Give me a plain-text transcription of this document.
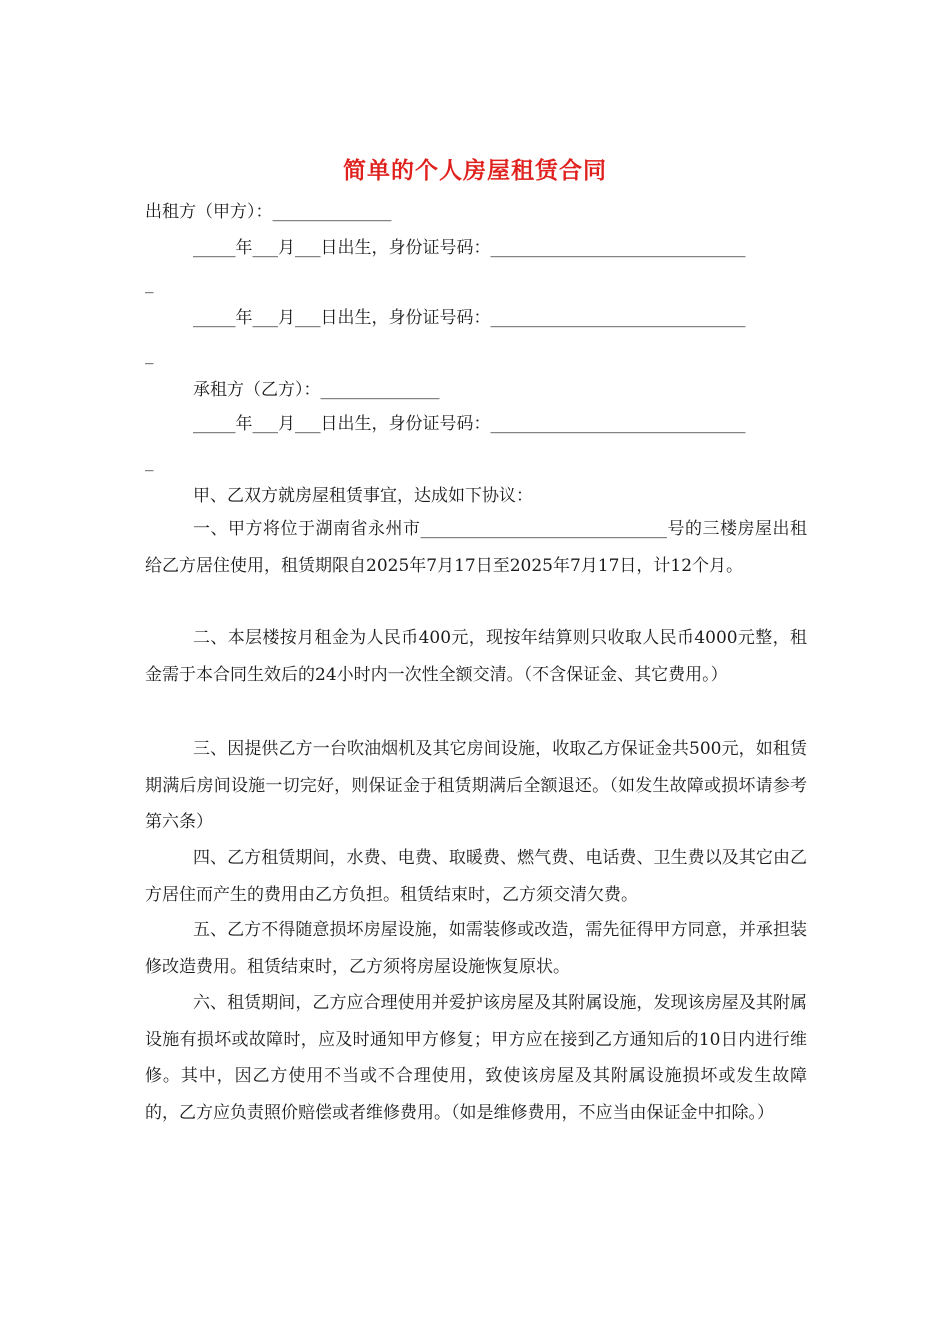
简单的个人房屋租赁合同
出租方（甲方）：______________
_____年___月___日出生，身份证号码：______________________________
_
_____年___月___日出生，身份证号码：______________________________
_
承租方（乙方）：______________
_____年___月___日出生，身份证号码：______________________________
_
甲、乙双方就房屋租赁事宜，达成如下协议：
一、甲方将位于湖南省永州市_____________________________号的三楼房屋出租给乙方居住使用，租赁期限自2025年7月17日至2025年7月17日，计12个月。
二、本层楼按月租金为人民币400元，现按年结算则只收取人民币4000元整，租金需于本合同生效后的24小时内一次性全额交清。（不含保证金、其它费用。）
三、因提供乙方一台吹油烟机及其它房间设施，收取乙方保证金共500元，如租赁期满后房间设施一切完好，则保证金于租赁期满后全额退还。（如发生故障或损坏请参考第六条）
四、乙方租赁期间，水费、电费、取暖费、燃气费、电话费、卫生费以及其它由乙方居住而产生的费用由乙方负担。租赁结束时，乙方须交清欠费。
五、乙方不得随意损坏房屋设施，如需装修或改造，需先征得甲方同意，并承担装修改造费用。租赁结束时，乙方须将房屋设施恢复原状。
六、租赁期间，乙方应合理使用并爱护该房屋及其附属设施，发现该房屋及其附属设施有损坏或故障时，应及时通知甲方修复；甲方应在接到乙方通知后的10日内进行维修。其中，因乙方使用不当或不合理使用，致使该房屋及其附属设施损坏或发生故障的，乙方应负责照价赔偿或者维修费用。（如是维修费用，不应当由保证金中扣除。）
